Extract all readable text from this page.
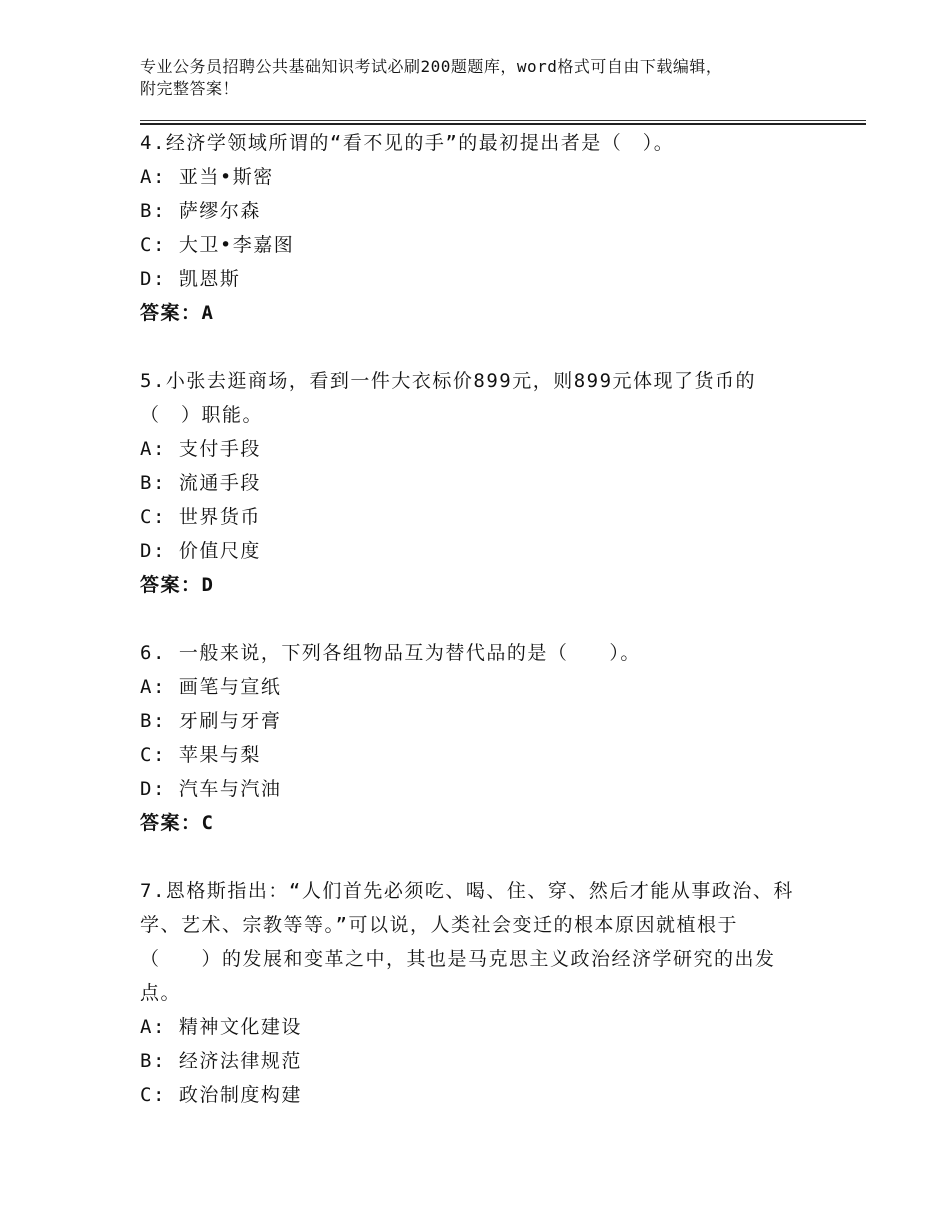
专业公务员招聘公共基础知识考试必刷200题题库，word格式可自由下载编辑，
附完整答案！

4.经济学领域所谓的“看不见的手”的最初提出者是（　）。

A: 亚当•斯密

B: 萨缪尔森

C: 大卫•李嘉图

D: 凯恩斯

答案：A

5.小张去逛商场，看到一件大衣标价899元，则899元体现了货币的（　）职能。

A: 支付手段

B: 流通手段

C: 世界货币

D: 价值尺度

答案：D

6. 一般来说，下列各组物品互为替代品的是（　　）。

A: 画笔与宣纸

B: 牙刷与牙膏

C: 苹果与梨

D: 汽车与汽油

答案：C

7.恩格斯指出：“人们首先必须吃、喝、住、穿、然后才能从事政治、科学、艺术、宗教等等。”可以说，人类社会变迁的根本原因就植根于（　　）的发展和变革之中，其也是马克思主义政治经济学研究的出发点。

A: 精神文化建设

B: 经济法律规范

C: 政治制度构建
